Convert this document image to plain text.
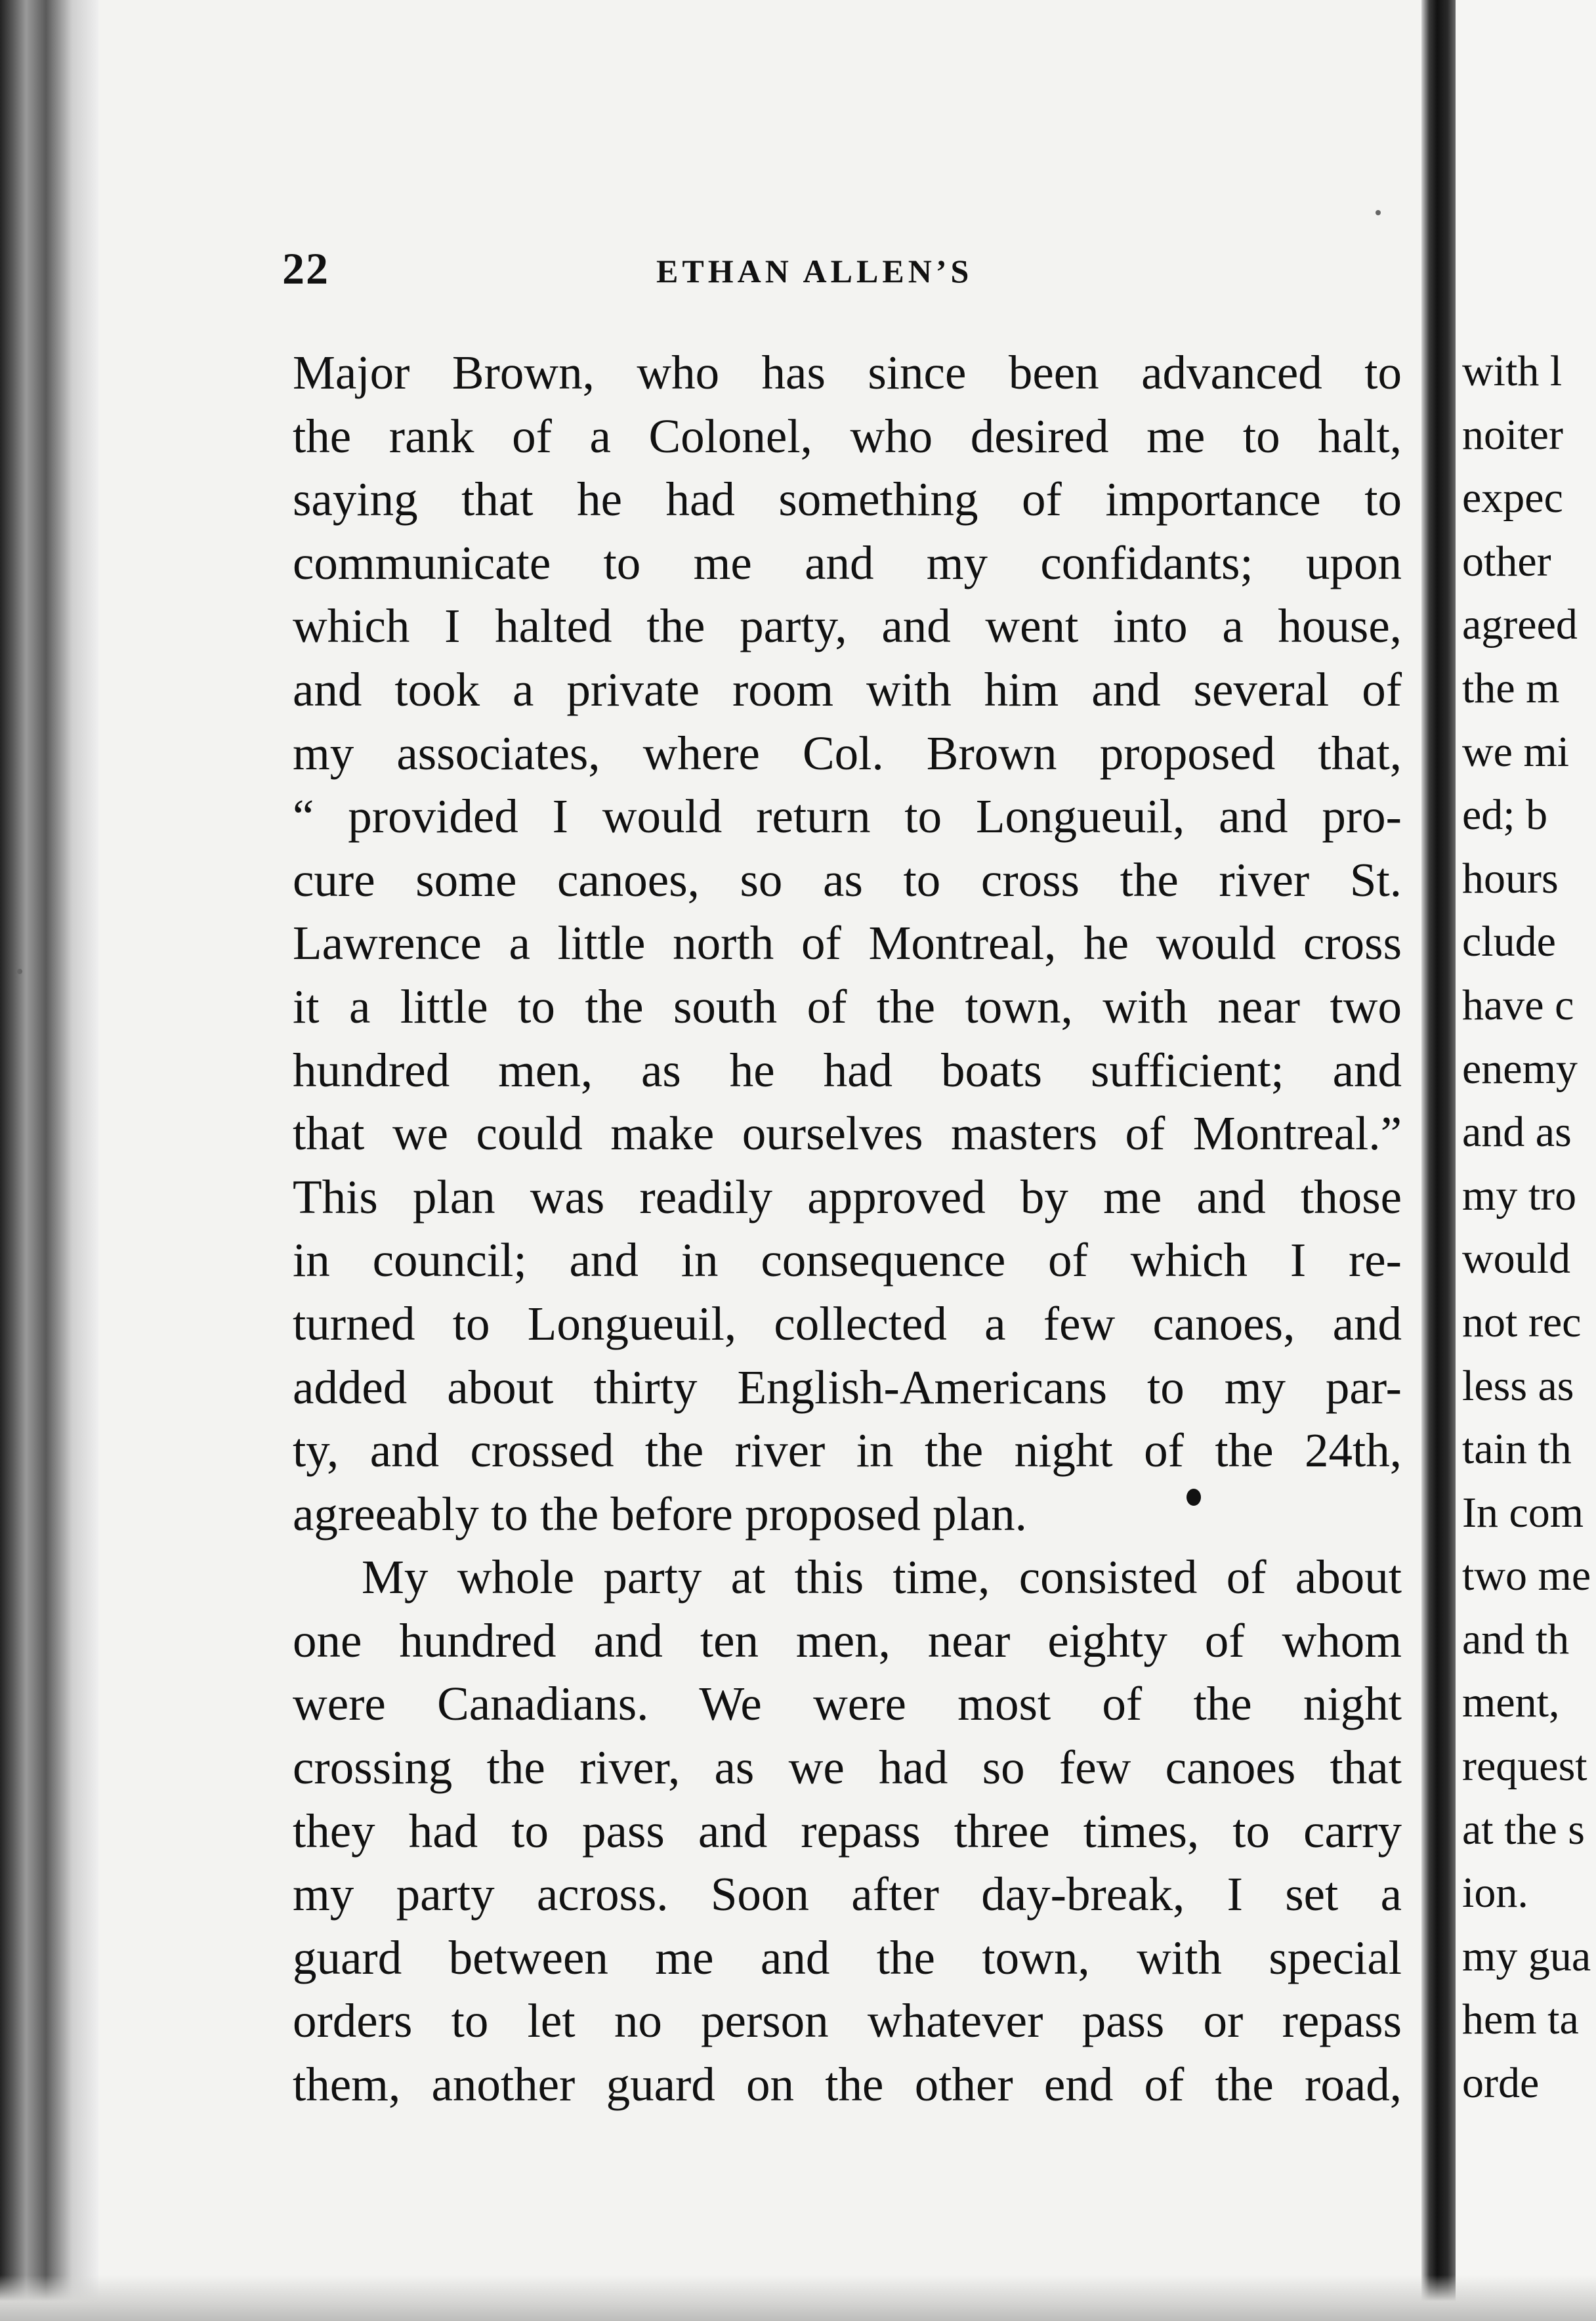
22	ETHAN ALLEN’S
Major Brown, who has since been advanced to
the rank of a Colonel, who desired me to halt,
saying that he had something of importance to
communicate to me and my confidants; upon
which I halted the party, and went into a house,
and took a private room with him and several of
my associates, where Col. Brown proposed that,
“ provided I would return to Longueuil, and pro-
cure some canoes, so as to cross the river St.
Lawrence a little north of Montreal, he would cross
it a little to the south of the town, with near two
hundred men, as he had boats sufficient; and
that we could make ourselves masters of Montreal.”
This plan was readily approved by me and those
in council; and in consequence of which I re-
turned to Longueuil, collected a few canoes, and
added about thirty English-Americans to my par-
ty, and crossed the river in the night of the 24th,
agreeably to the before proposed plan.
My whole party at this time, consisted of about
one hundred and ten men, near eighty of whom
were Canadians. We were most of the night
crossing the river, as we had so few canoes that
they had to pass and repass three times, to carry
my party across. Soon after day-break, I set a
guard between me and the town, with special
orders to let no person whatever pass or repass
them, another guard on the other end of the road,
with l
noiter
expec
other
agreed
the m
we mi
ed; b
hours
clude
have c
enemy
and as
my tro
would
not rec
less as
tain th
In com
two me
and th
ment,
request
at the s
ion.
my gua
hem ta
orde
